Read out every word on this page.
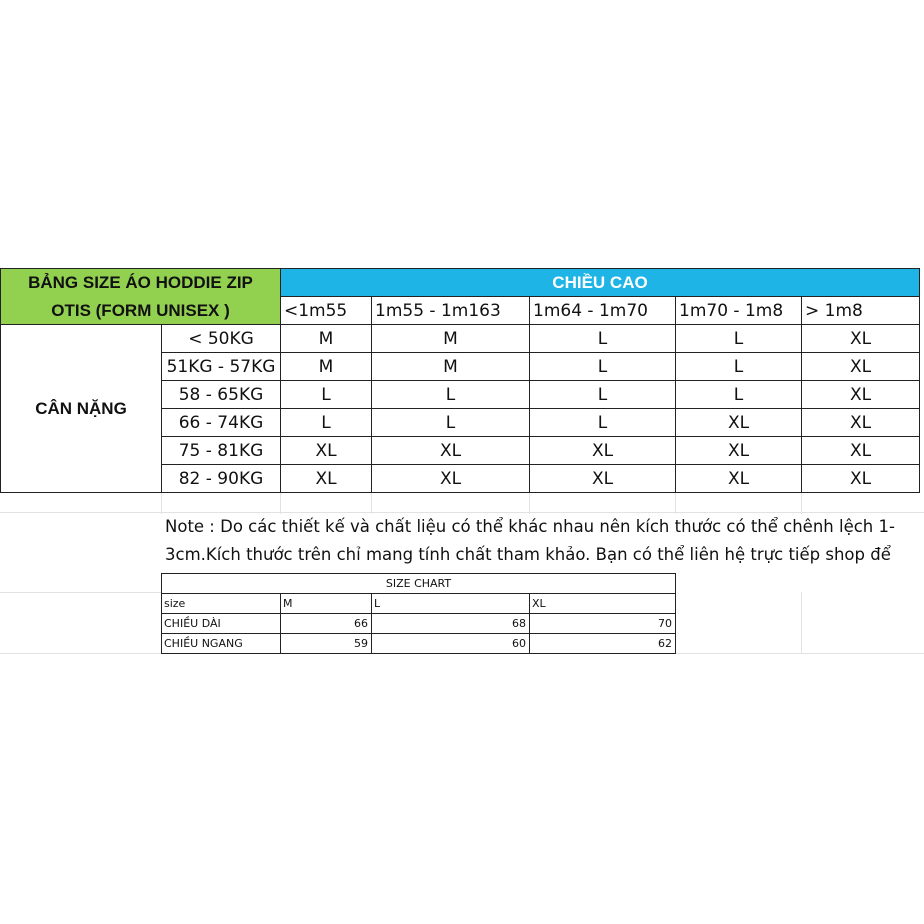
BẢNG SIZE ÁO HODDIE ZIP
OTIS (FORM UNISEX )
CHIỀU CAO
<1m55	1m55 - 1m163	1m64 - 1m70	1m70 - 1m8	> 1m8
CÂN NẶNG
< 50KG	M	M	L	L	XL
51KG - 57KG	M	M	L	L	XL
58 - 65KG	L	L	L	L	XL
66 - 74KG	L	L	L	XL	XL
75 - 81KG	XL	XL	XL	XL	XL
82 - 90KG	XL	XL	XL	XL	XL
Note : Do các thiết kế và chất liệu có thể khác nhau nên kích thước có thể chênh lệch 1-
3cm.Kích thước trên chỉ mang tính chất tham khảo. Bạn có thể liên hệ trực tiếp shop để
SIZE CHART
size	M	L	XL
CHIỀU DÀI	66	68	70
CHIỀU NGANG	59	60	62
